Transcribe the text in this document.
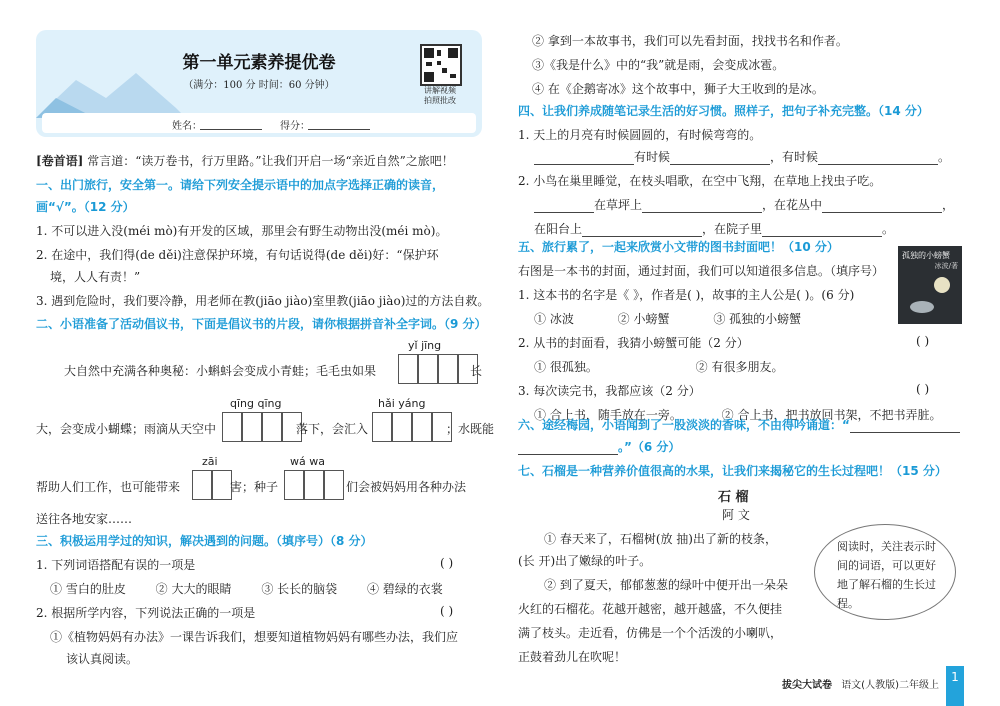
第一单元素养提优卷
（满分：100 分 时间：60 分钟）	讲解视频
拍照批改
姓名：	得分：
[卷首语] 常言道：“读万卷书，行万里路。”让我们开启一场“亲近自然”之旅吧！
一、出门旅行，安全第一。请给下列安全提示语中的加点字选择正确的读音，
画“√”。（12 分）
1. 不可以进入没(méi mò)有开发的区域，那里会有野生动物出没(méi mò)。
2. 在途中，我们得(de děi)注意保护环境，有句话说得(de děi)好：“保护环
境，人人有责！”
3. 遇到危险时，我们要冷静，用老师在教(jiāo jiào)室里教(jiāo jiào)过的方法自救。
二、小语准备了活动倡议书，下面是倡议书的片段，请你根据拼音补全字词。（9 分）
yǐ jīng
大自然中充满各种奥秘：小蝌蚪会变成小青蛙；毛毛虫如果	长
qīng qīng	hǎi yáng
大，会变成小蝴蝶；雨滴从天空中	落下，会汇入	；水既能
zāi	wá wa
帮助人们工作，也可能带来	害；种子	们会被妈妈用各种办法
送往各地安家……
三、积极运用学过的知识，解决遇到的问题。（填序号）（8 分）
1. 下列词语搭配有误的一项是	( )
① 雪白的肚皮 ② 大大的眼睛 ③ 长长的脑袋 ④ 碧绿的衣裳
2. 根据所学内容，下列说法正确的一项是	( )
①《植物妈妈有办法》一课告诉我们，想要知道植物妈妈有哪些办法，我们应
该认真阅读。
② 拿到一本故事书，我们可以先看封面，找找书名和作者。
③《我是什么》中的“我”就是雨，会变成冰雹。
④ 在《企鹅寄冰》这个故事中，狮子大王收到的是冰。
四、让我们养成随笔记录生活的好习惯。照样子，把句子补充完整。（14 分）
1. 天上的月亮有时候圆圆的，有时候弯弯的。
有时候	，有时候	。
2. 小鸟在巢里睡觉，在枝头唱歌，在空中飞翔，在草地上找虫子吃。
在草坪上	，在花丛中	，
在阳台上	，在院子里	。
五、旅行累了，一起来欣赏小文带的图书封面吧！（10 分）
右图是一本书的封面，通过封面，我们可以知道很多信息。（填序号）
孤独的小螃蟹
冰波/著
1. 这本书的名字是《 》，作者是( )，故事的主人公是( )。(6 分)
① 冰波	② 小螃蟹	③ 孤独的小螃蟹
2. 从书的封面看，我猜小螃蟹可能（2 分）	( )
① 很孤独。	② 有很多朋友。
3. 每次读完书，我都应该（2 分）	( )
① 合上书，随手放在一旁。	② 合上书，把书放回书架，不把书弄脏。
六、途经梅园，小语闻到了一股淡淡的香味，不由得吟诵道：“
。”（6 分）
七、石榴是一种营养价值很高的水果，让我们来揭秘它的生长过程吧！（15 分）
石 榴
阿 文
① 春天来了，石榴树(放 抽)出了新的枝条，
(长 开)出了嫩绿的叶子。
② 到了夏天，郁郁葱葱的绿叶中便开出一朵朵
火红的石榴花。花越开越密，越开越盛，不久便挂
满了枝头。走近看，仿佛是一个个活泼的小喇叭，
正鼓着劲儿在吹呢！
阅读时，关注表示时间的词语，可以更好地了解石榴的生长过程。
拔尖大试卷 语文(人教版)二年级上
1
